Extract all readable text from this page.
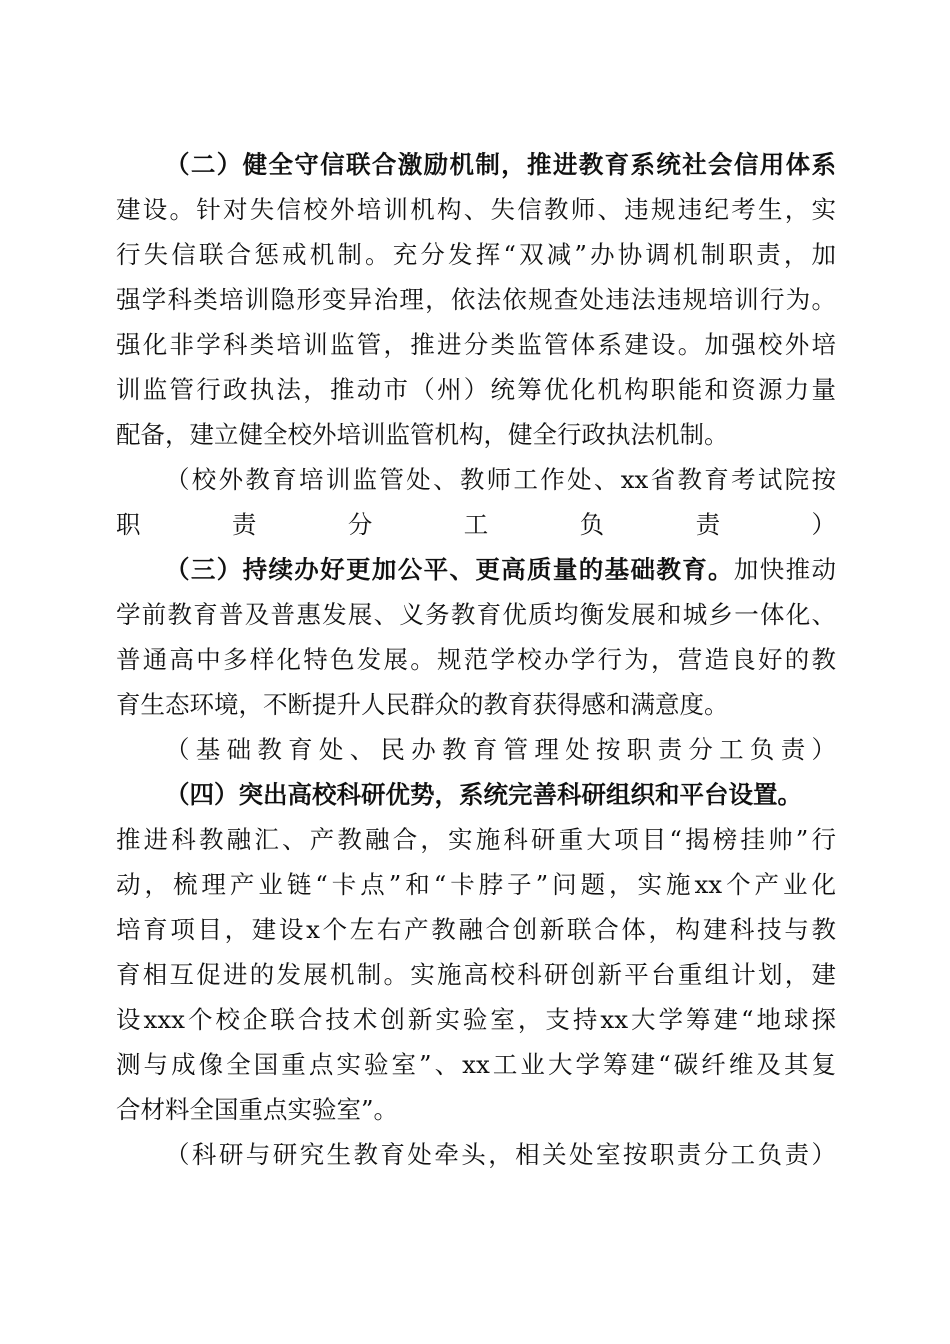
（二）健全守信联合激励机制，推进教育系统社会信用体系
建设。针对失信校外培训机构、失信教师、违规违纪考生，实
行失信联合惩戒机制。充分发挥“双减”办协调机制职责，加
强学科类培训隐形变异治理，依法依规查处违法违规培训行为。
强化非学科类培训监管，推进分类监管体系建设。加强校外培
训监管行政执法，推动市（州）统筹优化机构职能和资源力量
配备，建立健全校外培训监管机构，健全行政执法机制。
（校外教育培训监管处、教师工作处、xx省教育考试院按
职责分工负责）
（三）持续办好更加公平、更高质量的基础教育。加快推动
学前教育普及普惠发展、义务教育优质均衡发展和城乡一体化、
普通高中多样化特色发展。规范学校办学行为，营造良好的教
育生态环境，不断提升人民群众的教育获得感和满意度。
（基础教育处、民办教育管理处按职责分工负责）
（四）突出高校科研优势，系统完善科研组织和平台设置。
推进科教融汇、产教融合，实施科研重大项目“揭榜挂帅”行
动，梳理产业链“卡点”和“卡脖子”问题，实施xx个产业化
培育项目，建设x个左右产教融合创新联合体，构建科技与教
育相互促进的发展机制。实施高校科研创新平台重组计划，建
设xxx个校企联合技术创新实验室，支持xx大学筹建“地球探
测与成像全国重点实验室”、xx工业大学筹建“碳纤维及其复
合材料全国重点实验室”。
（科研与研究生教育处牵头，相关处室按职责分工负责）
